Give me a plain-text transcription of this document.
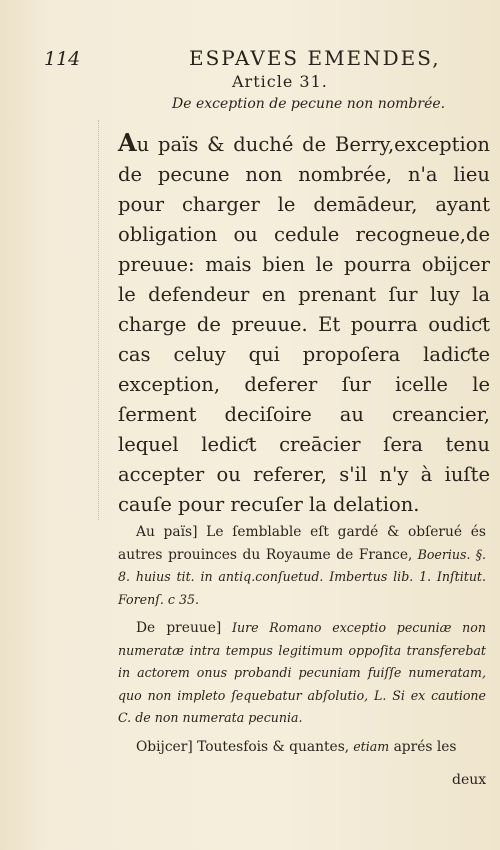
114	ESPAVES EMENDES,
Article 31.
De exception de pecune non nombrée.

Au païs & duché de Berry,exception de pecune non nombrée, n'a lieu pour charger le demādeur, ayant obligation ou cedule recogneue,de preuue: mais bien le pourra obijcer le defendeur en prenant ſur luy la charge de preuue. Et pourra oudiƈt cas celuy qui propoſera ladiƈte exception, deferer ſur icelle le ſerment deciſoire au creancier, lequel lediƈt creācier ſera tenu accepter ou referer, s'il n'y à iuſte cauſe pour recuſer la delation.

Au païs] Le ſemblable eſt gardé & obſerué és autres prouinces du Royaume de France, Boerius. §. 8. huius tit. in antiq.conſuetud. Imbertus lib. 1. Inſtitut. Forenſ. c 35.

De preuue] Iure Romano exceptio pecuniæ non numeratæ intra tempus legitimum oppoſita transferebat in actorem onus probandi pecuniam fuiſſe numeratam, quo non impleto ſequebatur abſolutio, L. Si ex cautione C. de non numerata pecunia.

Obijcer] Toutesfois & quantes, etiam aprés les

deux
